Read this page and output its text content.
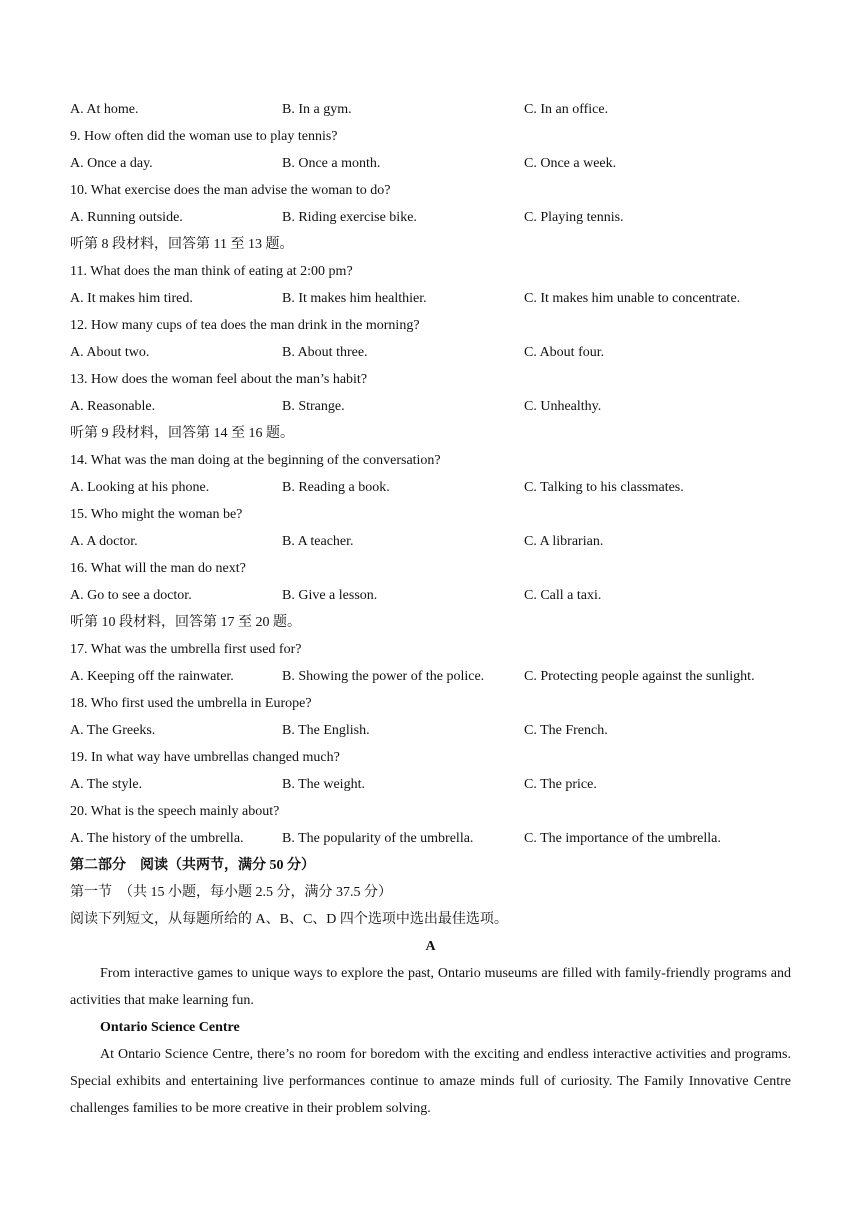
A. At home.	B. In a gym.	C. In an office.
9. How often did the woman use to play tennis?
A. Once a day.	B. Once a month.	C. Once a week.
10. What exercise does the man advise the woman to do?
A. Running outside.	B. Riding exercise bike.	C. Playing tennis.
听第 8 段材料，回答第 11 至 13 题。
11. What does the man think of eating at 2:00 pm?
A. It makes him tired.	B. It makes him healthier.	C. It makes him unable to concentrate.
12. How many cups of tea does the man drink in the morning?
A. About two.	B. About three.	C. About four.
13. How does the woman feel about the man’s habit?
A. Reasonable.	B. Strange.	C. Unhealthy.
听第 9 段材料，回答第 14 至 16 题。
14. What was the man doing at the beginning of the conversation?
A. Looking at his phone.	B. Reading a book.	C. Talking to his classmates.
15. Who might the woman be?
A. A doctor.	B. A teacher.	C. A librarian.
16. What will the man do next?
A. Go to see a doctor.	B. Give a lesson.	C. Call a taxi.
听第 10 段材料，回答第 17 至 20 题。
17. What was the umbrella first used for?
A. Keeping off the rainwater.	B. Showing the power of the police.	C. Protecting people against the sunlight.
18. Who first used the umbrella in Europe?
A. The Greeks.	B. The English.	C. The French.
19. In what way have umbrellas changed much?
A. The style.	B. The weight.	C. The price.
20. What is the speech mainly about?
A. The history of the umbrella.	B. The popularity of the umbrella.	C. The importance of the umbrella.
第二部分　阅读（共两节，满分 50 分）
第一节　（共 15 小题，每小题 2.5 分，满分 37.5 分）
阅读下列短文，从每题所给的 A、B、C、D 四个选项中选出最佳选项。
A
From interactive games to unique ways to explore the past, Ontario museums are filled with family-friendly programs and activities that make learning fun.
Ontario Science Centre
At Ontario Science Centre, there’s no room for boredom with the exciting and endless interactive activities and programs. Special exhibits and entertaining live performances continue to amaze minds full of curiosity. The Family Innovative Centre challenges families to be more creative in their problem solving.
